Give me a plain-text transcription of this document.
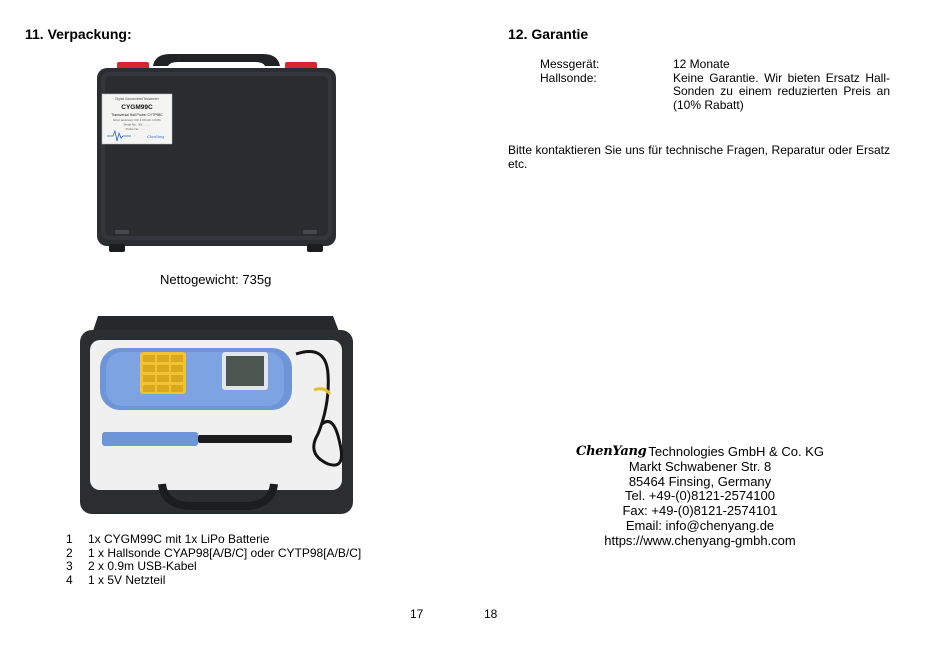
11. Verpackung:
Digital Gaussmeter/Teslameter
CYGM99C
Transversal Hall Probe: CYTP98C
Error accuracy: DC 1.0% AC ±3.0%
Serial No.: SN..........
Probe No.: .........
ChenYang
Nettogewicht: 735g
1	1x CYGM99C mit 1x LiPo Batterie
2	1 x Hallsonde CYAP98[A/B/C] oder CYTP98[A/B/C]
3	2 x 0.9m USB-Kabel
4	1 x 5V Netzteil
17
12. Garantie
Messgerät:	12 Monate
Hallsonde:	Keine Garantie. Wir bieten Ersatz Hall-Sonden zu einem reduzierten Preis an (10% Rabatt)
Bitte kontaktieren Sie uns für technische Fragen, Reparatur oder Ersatz etc.
ChenYang Technologies GmbH & Co. KG
Markt Schwabener Str. 8
85464 Finsing, Germany
Tel. +49-(0)8121-2574100
Fax: +49-(0)8121-2574101
Email: info@chenyang.de
https://www.chenyang-gmbh.com
18
